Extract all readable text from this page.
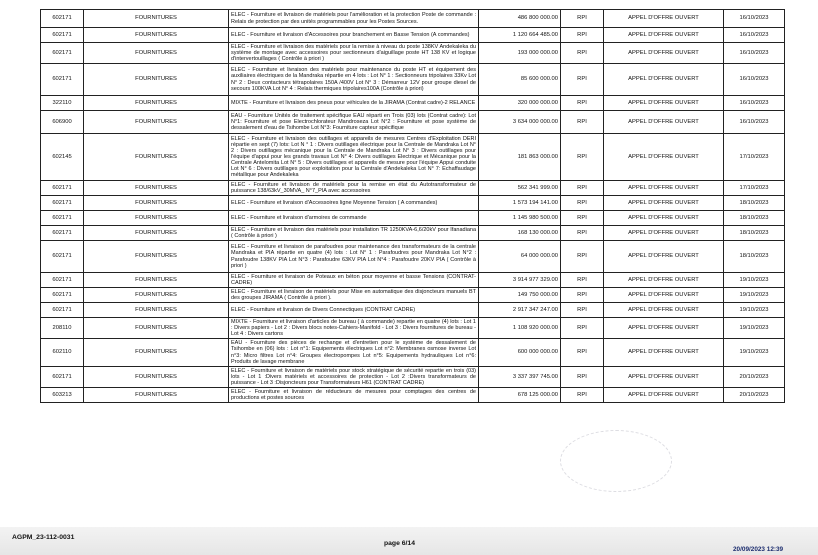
602171	FOURNITURES	ELEC - Fourniture et livraison de matériels pour l'amélioration et la protection Poste de commande : Relais de protection par des unités programmables pour les Postes Sources.	486 800 000.00	RPI	APPEL D'OFFRE OUVERT	16/10/2023
602171	FOURNITURES	ELEC - Fourniture et livraison d'Accessoires pour branchement en Basse Tension (A commandes)	1 120 664 485.00	RPI	APPEL D'OFFRE OUVERT	16/10/2023
602171	FOURNITURES	ELEC - Fourniture et livraison des matériels pour la remise à niveau du poste 138KV Andekaleka du système de montage avec accessoires pour sectionneurs d'aiguillage poste HT 138 KV et logique d'intervertouillages ( Contrôle à priori )	193 000 000.00	RPI	APPEL D'OFFRE OUVERT	16/10/2023
602171	FOURNITURES	ELEC - Fourniture et livraison des matériels pour maintenance du poste HT et équipement des auxiliaires électriques de la Mandraka répartie en 4 lots : Lot N° 1 : Sectionneurs tripolaires 33Kv Lot N° 2 : Deux contacteurs tétrapolaires 150A /400V Lot N° 3 : Démarreur 12V pour groupe diesel de secours 100KVA Lot N° 4 : Relais thermiques tripolaires100A (Contrôle à priori)	85 600 000.00	RPI	APPEL D'OFFRE OUVERT	16/10/2023
322110	FOURNITURES	MIXTE - Fourniture et livraison des pneus pour véhicules de la JIRAMA (Contrat cadre)-2 RELANCE	320 000 000.00	RPI	APPEL D'OFFRE OUVERT	16/10/2023
606900	FOURNITURES	EAU - Fourniture Unités de traitement spécifique EAU réparti en Trois (03) lots (Contrat cadre): Lot N°1: Fourniture et pose Electrochlorateur Mandroseza Lot N°2 : Fourniture et pose système de dessalement d'eau de Tsihombe Lot N°3: Fourniture capteur spécifique	3 634 000 000.00	RPI	APPEL D'OFFRE OUVERT	16/10/2023
602145	FOURNITURES	ELEC - Fourniture et livraison des outillages et appareils de mesures Centres d'Exploitation DERI répartie en sept (7) lots: Lot N ° 1 : Divers outillages électrique pour la Centrale de Mandraka Lot N° 2 : Divers outillages mécanique pour la Centrale de Mandraka Lot N° 3 : Divers outillages pour l'équipe d'appui pour les grands travaux Lot N° 4: Divers outillages Electrique et Mécanique pour la Centrale Antelomita Lot N° 5 : Divers outillages et appareils de mesure pour l'équipe Appui conduite Lot N° 6 : Divers outillages pour exploitation pour la Centrale d'Andekaleka Lot N° 7: Echaffaudage métallique pour Andekaleka	181 863 000.00	RPI	APPEL D'OFFRE OUVERT	17/10/2023
602171	FOURNITURES	ELEC - Fourniture et livraison de matériels pour la remise en état du Autotransformateur de puissance 138/63kV_30MVA_ N°7_PIA avec accessoires	562 341 999.00	RPI	APPEL D'OFFRE OUVERT	17/10/2023
602171	FOURNITURES	ELEC - Fourniture et livraison d'Accessoires ligne Moyenne Tension ( A commandes)	1 573 194 141.00	RPI	APPEL D'OFFRE OUVERT	18/10/2023
602171	FOURNITURES	ELEC - Fourniture et livraison d'armoires de commande	1 145 980 500.00	RPI	APPEL D'OFFRE OUVERT	18/10/2023
602171	FOURNITURES	ELEC - Fourniture et livraison des matériels pour installation TR 1250KVA-6,6/20kV pour Ifanadiana ( Contrôle à priori )	168 130 000.00	RPI	APPEL D'OFFRE OUVERT	18/10/2023
602171	FOURNITURES	ELEC - Fourniture et livraison de parafoudres pour maintenance des transformateurs de la centrale Mandraka et PIA répartie en quatre (4) lots : Lot N° 1 : Parafoudres pour Mandraka Lot N°2 : Parafoudre 138KV PIA Lot N°3 : Parafoudre 63KV PIA Lot N°4 : Parafoudre 20KV PIA ( Contrôle à priori )	64 000 000.00	RPI	APPEL D'OFFRE OUVERT	18/10/2023
602171	FOURNITURES	ELEC - Fourniture et livraison de Poteaux en béton pour moyenne et basse Tensions (CONTRAT-CADRE)	3 914 977 329.00	RPI	APPEL D'OFFRE OUVERT	19/10/2023
602171	FOURNITURES	ELEC - Fourniture et livraison de matériels pour Mise en automatique des disjoncteurs manuels BT des groupes JIRAMA ( Contrôle à priori ).	149 750 000.00	RPI	APPEL D'OFFRE OUVERT	19/10/2023
602171	FOURNITURES	ELEC - Fourniture et livraison de Divers Connectiques (CONTRAT CADRE)	2 917 347 247.00	RPI	APPEL D'OFFRE OUVERT	19/10/2023
208110	FOURNITURES	MIXTE - Fourniture et livraison d'articles de bureau ( à commande) repartie en quatre (4) lots : Lot 1 : Divers papiers - Lot 2 : Divers blocs notes-Cahiers-Manifold - Lot 3 : Divers fournitures de bureau - Lot 4 : Divers cartons	1 108 920 000.00	RPI	APPEL D'OFFRE OUVERT	19/10/2023
602110	FOURNITURES	EAU - Fourniture des pièces de rechange et d'entretien pour le système de dessalement de Tsihombe en (06) lots : Lot n°1: Equipements électriques Lot n°2: Membranes osmose inverse Lot n°3: Micro filtres Lot n°4: Groupes électropompes Lot n°5: Equipements hydrauliques Lot n°6: Produits de lavage membrane	600 000 000.00	RPI	APPEL D'OFFRE OUVERT	19/10/2023
602171	FOURNITURES	ELEC - Fourniture et livraison de matériels pour stock stratégique de sécurité repartie en trois (03) lots - Lot 1 :Divers matériels et accessoires de protection - Lot 2 :Divers transformateurs de puissance - Lot 3 :Disjoncteurs pour Transformateurs H61 (CONTRAT CADRE)	3 337 397 745.00	RPI	APPEL D'OFFRE OUVERT	20/10/2023
603213	FOURNITURES	ELEC - Fourniture et livraison de réducteurs de mesures pour comptages des centres de productions et postes sources	678 125 000.00	RPI	APPEL D'OFFRE OUVERT	20/10/2023
AGPM_23-112-0031
page 6/14
20/09/2023 12:39
